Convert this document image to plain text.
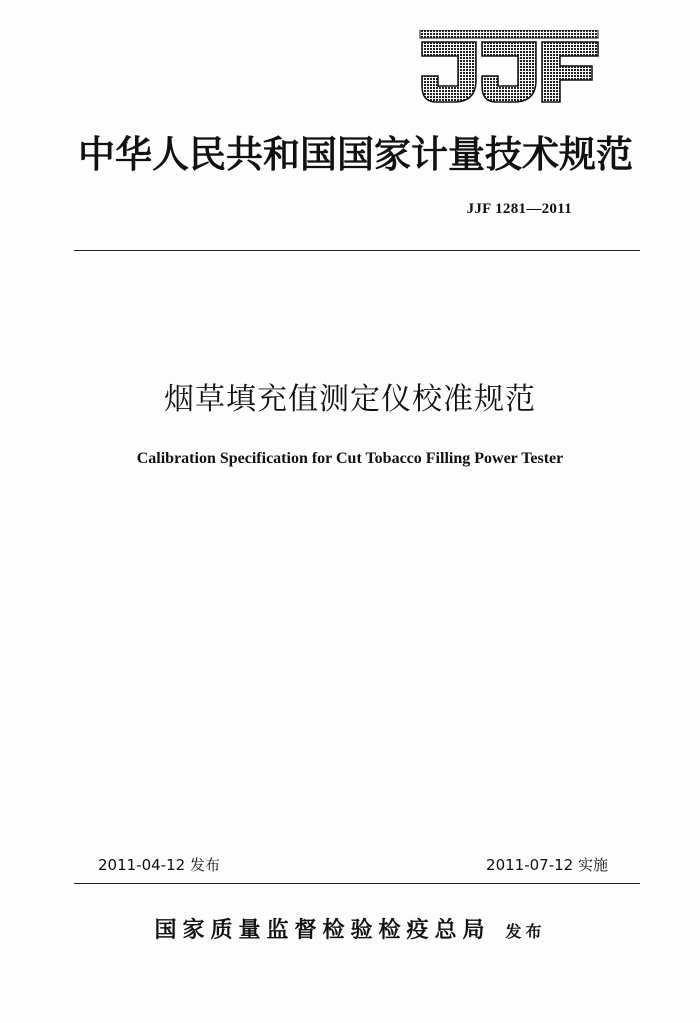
中华人民共和国国家计量技术规范
JJF 1281—2011
烟草填充值测定仪校准规范
Calibration Specification for Cut Tobacco Filling Power Tester
2011-04-12 发布	2011-07-12 实施
国家质量监督检验检疫总局 发布
